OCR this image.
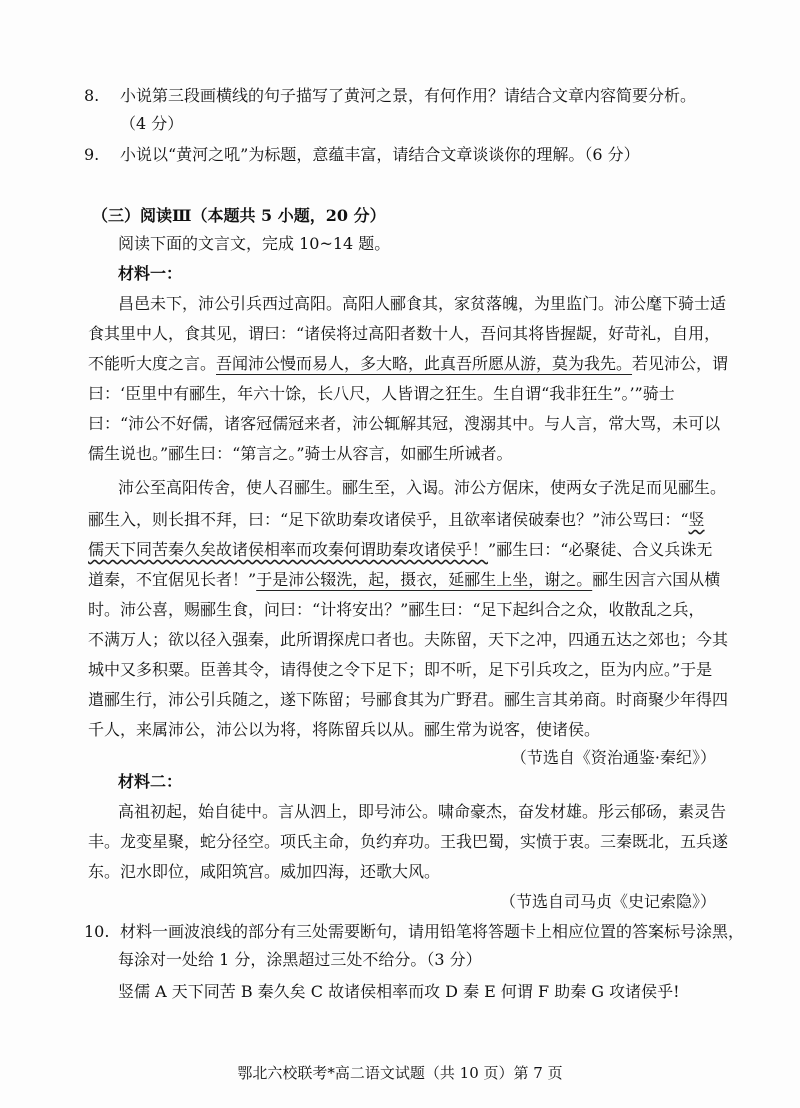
8. 小说第三段画横线的句子描写了黄河之景，有何作用？请结合文章内容简要分析。
（4 分）
9. 小说以“黄河之吼”为标题，意蕴丰富，请结合文章谈谈你的理解。（6 分）
（三）阅读Ⅲ（本题共 5 小题，20 分）
阅读下面的文言文，完成 10~14 题。
材料一：
昌邑未下，沛公引兵西过高阳。高阳人郦食其，家贫落魄，为里监门。沛公麾下骑士适
食其里中人，食其见，谓曰：“诸侯将过高阳者数十人，吾问其将皆握龊，好苛礼，自用，
不能听大度之言。吾闻沛公慢而易人，多大略，此真吾所愿从游，莫为我先。若见沛公，谓
曰：‘臣里中有郦生，年六十馀，长八尺，人皆谓之狂生。生自谓“我非狂生”。’”骑士
曰：“沛公不好儒，诸客冠儒冠来者，沛公辄解其冠，溲溺其中。与人言，常大骂，未可以
儒生说也。”郦生曰：“第言之。”骑士从容言，如郦生所诫者。
沛公至高阳传舍，使人召郦生。郦生至，入谒。沛公方倨床，使两女子洗足而见郦生。
郦生入，则长揖不拜，曰：“足下欲助秦攻诸侯乎，且欲率诸侯破秦也？”沛公骂曰：“竖
儒天下同苦秦久矣故诸侯相率而攻秦何谓助秦攻诸侯乎！”郦生曰：“必聚徒、合义兵诛无
道秦，不宜倨见长者！”于是沛公辍洗，起，摄衣，延郦生上坐，谢之。郦生因言六国从横
时。沛公喜，赐郦生食，问曰：“计将安出？”郦生曰：“足下起纠合之众，收散乱之兵，
不满万人；欲以径入强秦，此所谓探虎口者也。夫陈留，天下之冲，四通五达之郊也；今其
城中又多积粟。臣善其令，请得使之令下足下；即不听，足下引兵攻之，臣为内应。”于是
遣郦生行，沛公引兵随之，遂下陈留；号郦食其为广野君。郦生言其弟商。时商聚少年得四
千人，来属沛公，沛公以为将，将陈留兵以从。郦生常为说客，使诸侯。
（节选自《资治通鉴·秦纪》）
材料二：
高祖初起，始自徒中。言从泗上，即号沛公。啸命豪杰，奋发材雄。彤云郁砀，素灵告
丰。龙变星聚，蛇分径空。项氏主命，负约弃功。王我巴蜀，实愤于衷。三秦既北，五兵遂
东。氾水即位，咸阳筑宫。威加四海，还歌大风。
（节选自司马贞《史记索隐》）
10. 材料一画波浪线的部分有三处需要断句，请用铅笔将答题卡上相应位置的答案标号涂黑，
每涂对一处给 1 分，涂黑超过三处不给分。（3 分）
竖儒 A 天下同苦 B 秦久矣 C 故诸侯相率而攻 D 秦 E 何谓 F 助秦 G 攻诸侯乎!
鄂北六校联考*高二语文试题（共 10 页）第 7 页
